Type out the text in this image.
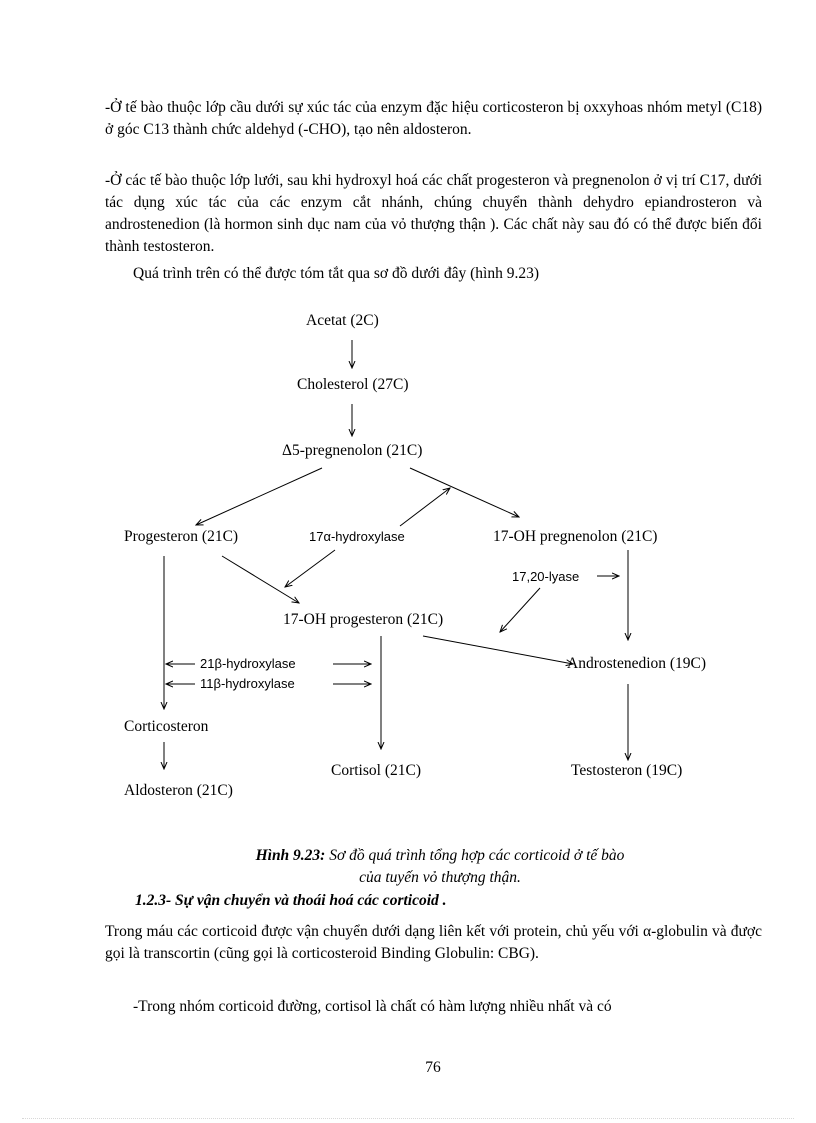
-Ở tế bào thuộc lớp cầu dưới sự xúc tác của enzym đặc hiệu corticosteron bị oxxyhoas nhóm metyl (C18) ở góc C13 thành chức aldehyd (-CHO), tạo nên aldosteron.

-Ở các tế bào thuộc lớp lưới, sau khi hydroxyl hoá các chất progesteron và pregnenolon ở vị trí C17, dưới tác dụng xúc tác của các enzym cắt nhánh, chúng chuyển thành dehydro epiandrosteron và androstenedion (là hormon sinh dục nam của vỏ thượng thận ). Các chất này sau đó có thể được biến đổi thành testosteron.

Quá trình trên có thể được tóm tắt qua sơ đồ dưới đây (hình 9.23)

Acetat (2C)
Cholesterol (27C)
Δ5-pregnenolon (21C)
Progesteron (21C)	17α-hydroxylase	17-OH pregnenolon (21C)
17,20-lyase
17-OH progesteron (21C)
21β-hydroxylase
11β-hydroxylase
Androstenedion (19C)
Corticosteron
Cortisol (21C)	Testosteron (19C)
Aldosteron (21C)
Hình 9.23: Sơ đồ quá trình tổng hợp các corticoid ở tế bào
của tuyến vỏ thượng thận.
1.2.3- Sự vận chuyển và thoái hoá các corticoid .

Trong máu các corticoid được vận chuyển dưới dạng liên kết với protein, chủ yếu với α-globulin và được gọi là transcortin (cũng gọi là corticosteroid Binding Globulin: CBG).

-Trong nhóm corticoid đường, cortisol là chất có hàm lượng nhiều nhất và có

76
